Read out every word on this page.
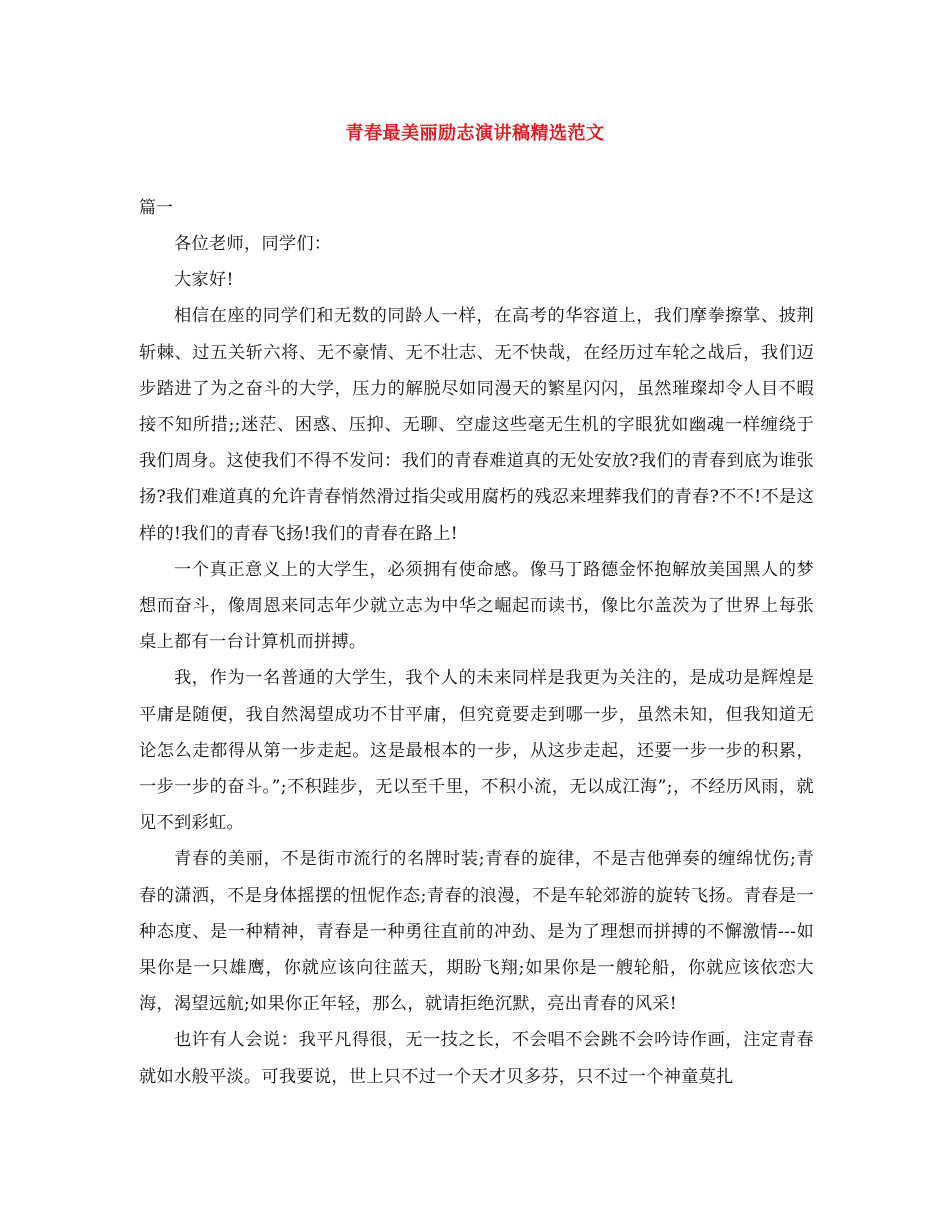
青春最美丽励志演讲稿精选范文
篇一

各位老师，同学们：

大家好!

相信在座的同学们和无数的同龄人一样，在高考的华容道上，我们摩拳擦掌、披荆斩棘、过五关斩六将、无不豪情、无不壮志、无不快哉，在经历过车轮之战后，我们迈步踏进了为之奋斗的大学，压力的解脱尽如同漫天的繁星闪闪，虽然璀璨却令人目不暇接不知所措;;迷茫、困惑、压抑、无聊、空虚这些毫无生机的字眼犹如幽魂一样缠绕于我们周身。这使我们不得不发问：我们的青春难道真的无处安放?我们的青春到底为谁张扬?我们难道真的允许青春悄然滑过指尖或用腐朽的残忍来埋葬我们的青春?不不!不是这样的!我们的青春飞扬!我们的青春在路上!

一个真正意义上的大学生，必须拥有使命感。像马丁路德金怀抱解放美国黑人的梦想而奋斗，像周恩来同志年少就立志为中华之崛起而读书，像比尔盖茨为了世界上每张桌上都有一台计算机而拼搏。

我，作为一名普通的大学生，我个人的未来同样是我更为关注的，是成功是辉煌是平庸是随便，我自然渴望成功不甘平庸，但究竟要走到哪一步，虽然未知，但我知道无论怎么走都得从第一步走起。这是最根本的一步，从这步走起，还要一步一步的积累，一步一步的奋斗。”;不积跬步，无以至千里，不积小流，无以成江海”;，不经历风雨，就见不到彩虹。

青春的美丽，不是街市流行的名牌时装;青春的旋律，不是吉他弹奏的缠绵忧伤;青春的潇洒，不是身体摇摆的忸怩作态;青春的浪漫，不是车轮郊游的旋转飞扬。青春是一种态度、是一种精神，青春是一种勇往直前的冲劲、是为了理想而拼搏的不懈激情---如果你是一只雄鹰，你就应该向往蓝天，期盼飞翔;如果你是一艘轮船，你就应该依恋大海，渴望远航;如果你正年轻，那么，就请拒绝沉默，亮出青春的风采!

也许有人会说：我平凡得很，无一技之长，不会唱不会跳不会吟诗作画，注定青春就如水般平淡。可我要说，世上只不过一个天才贝多芬，只不过一个神童莫扎
